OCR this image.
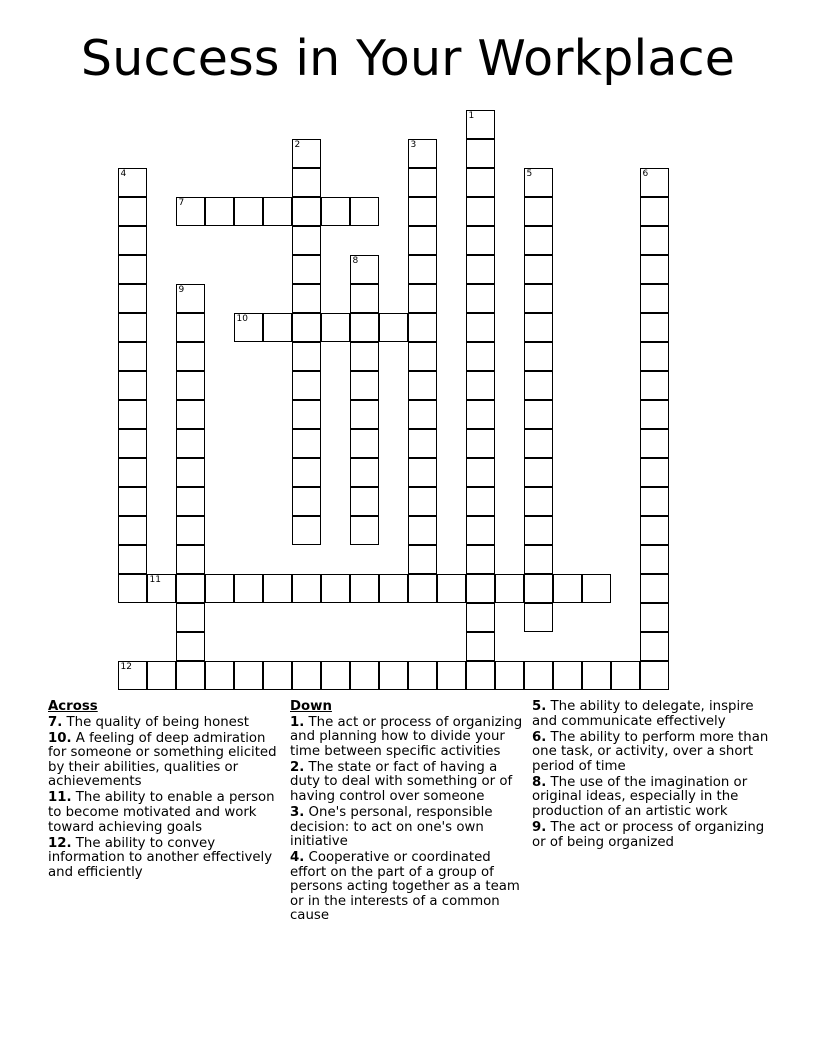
Success in Your Workplace
1
2	3
4	5	6
7
8
9
10
11
12
Across
7. The quality of being honest
10. A feeling of deep admiration for someone or something elicited by their abilities, qualities or achievements
11. The ability to enable a person to become motivated and work toward achieving goals
12. The ability to convey information to another effectively and efficiently
Down
1. The act or process of organizing and planning how to divide your time between specific activities
2. The state or fact of having a duty to deal with something or of having control over someone
3. One's personal, responsible decision: to act on one's own initiative
4. Cooperative or coordinated effort on the part of a group of persons acting together as a team or in the interests of a common cause
5. The ability to delegate, inspire and communicate effectively
6. The ability to perform more than one task, or activity, over a short period of time
8. The use of the imagination or original ideas, especially in the production of an artistic work
9. The act or process of organizing or of being organized
